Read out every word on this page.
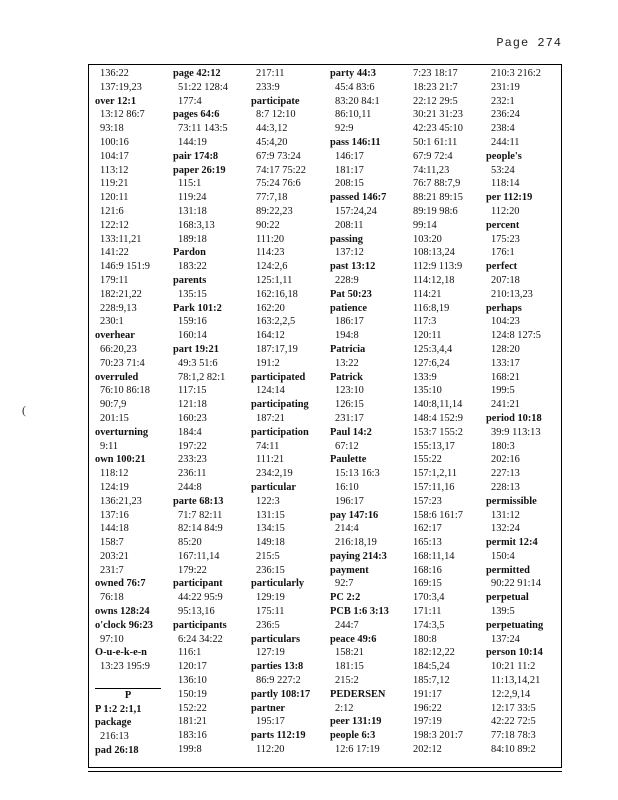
Page 274
(
136:22
137:19,23
over 12:1
13:12 86:7
93:18
100:16
104:17
113:12
119:21
120:11
121:6
122:12
133:11,21
141:22
146:9 151:9
179:11
182:21,22
228:9,13
230:1
overhear
66:20,23
70:23 71:4
overruled
76:10 86:18
90:7,9
201:15
overturning
9:11
own 100:21
118:12
124:19
136:21,23
137:16
144:18
158:7
203:21
231:7
owned 76:7
76:18
owns 128:24
o'clock 96:23
97:10
O-u-e-k-e-n
13:23 195:9
P
P 1:2 2:1,1
package
216:13
pad 26:18
page 42:12
51:22 128:4
177:4
pages 64:6
73:11 143:5
144:19
pair 174:8
paper 26:19
115:1
119:24
131:18
168:3,13
189:18
Pardon
183:22
parents
135:15
Park 101:2
159:16
160:14
part 19:21
49:3 51:6
78:1,2 82:1
117:15
121:18
160:23
184:4
197:22
233:23
236:11
244:8
parte 68:13
71:7 82:11
82:14 84:9
85:20
167:11,14
179:22
participant
44:22 95:9
95:13,16
participants
6:24 34:22
116:1
120:17
136:10
150:19
152:22
181:21
183:16
199:8
217:11
233:9
participate
8:7 12:10
44:3,12
45:4,20
67:9 73:24
74:17 75:22
75:24 76:6
77:7,18
89:22,23
90:22
111:20
114:23
124:2,6
125:1,11
162:16,18
162:20
163:2,2,5
164:12
187:17,19
191:2
participated
124:14
participating
187:21
participation
74:11
111:21
234:2,19
particular
122:3
131:15
134:15
149:18
215:5
236:15
particularly
129:19
175:11
236:5
particulars
127:19
parties 13:8
86:9 227:2
partly 108:17
partner
195:17
parts 112:19
112:20
party 44:3
45:4 83:6
83:20 84:1
86:10,11
92:9
pass 146:11
146:17
181:17
208:15
passed 146:7
157:24,24
208:11
passing
137:12
past 13:12
228:9
Pat 50:23
patience
186:17
194:8
Patricia
13:22
Patrick
123:10
126:15
231:17
Paul 14:2
67:12
Paulette
15:13 16:3
16:10
196:17
pay 147:16
214:4
216:18,19
paying 214:3
payment
92:7
PC 2:2
PCB 1:6 3:13
244:7
peace 49:6
158:21
181:15
215:2
PEDERSEN
2:12
peer 131:19
people 6:3
12:6 17:19
7:23 18:17
18:23 21:7
22:12 29:5
30:21 31:23
42:23 45:10
50:1 61:11
67:9 72:4
74:11,23
76:7 88:7,9
88:21 89:15
89:19 98:6
99:14
103:20
108:13,24
112:9 113:9
114:12,18
114:21
116:8,19
117:3
120:11
125:3,4,4
127:6,24
133:9
135:10
140:8,11,14
148:4 152:9
153:7 155:2
155:13,17
155:22
157:1,2,11
157:11,16
157:23
158:6 161:7
162:17
165:13
168:11,14
168:16
169:15
170:3,4
171:11
174:3,5
180:8
182:12,22
184:5,24
185:7,12
191:17
196:22
197:19
198:3 201:7
202:12
210:3 216:2
231:19
232:1
236:24
238:4
244:11
people's
53:24
118:14
per 112:19
112:20
percent
175:23
176:1
perfect
207:18
210:13,23
perhaps
104:23
124:8 127:5
128:20
133:17
168:21
199:5
241:21
period 10:18
39:9 113:13
180:3
202:16
227:13
228:13
permissible
131:12
132:24
permit 12:4
150:4
permitted
90:22 91:14
perpetual
139:5
perpetuating
137:24
person 10:14
10:21 11:2
11:13,14,21
12:2,9,14
12:17 33:5
42:22 72:5
77:18 78:3
84:10 89:2
